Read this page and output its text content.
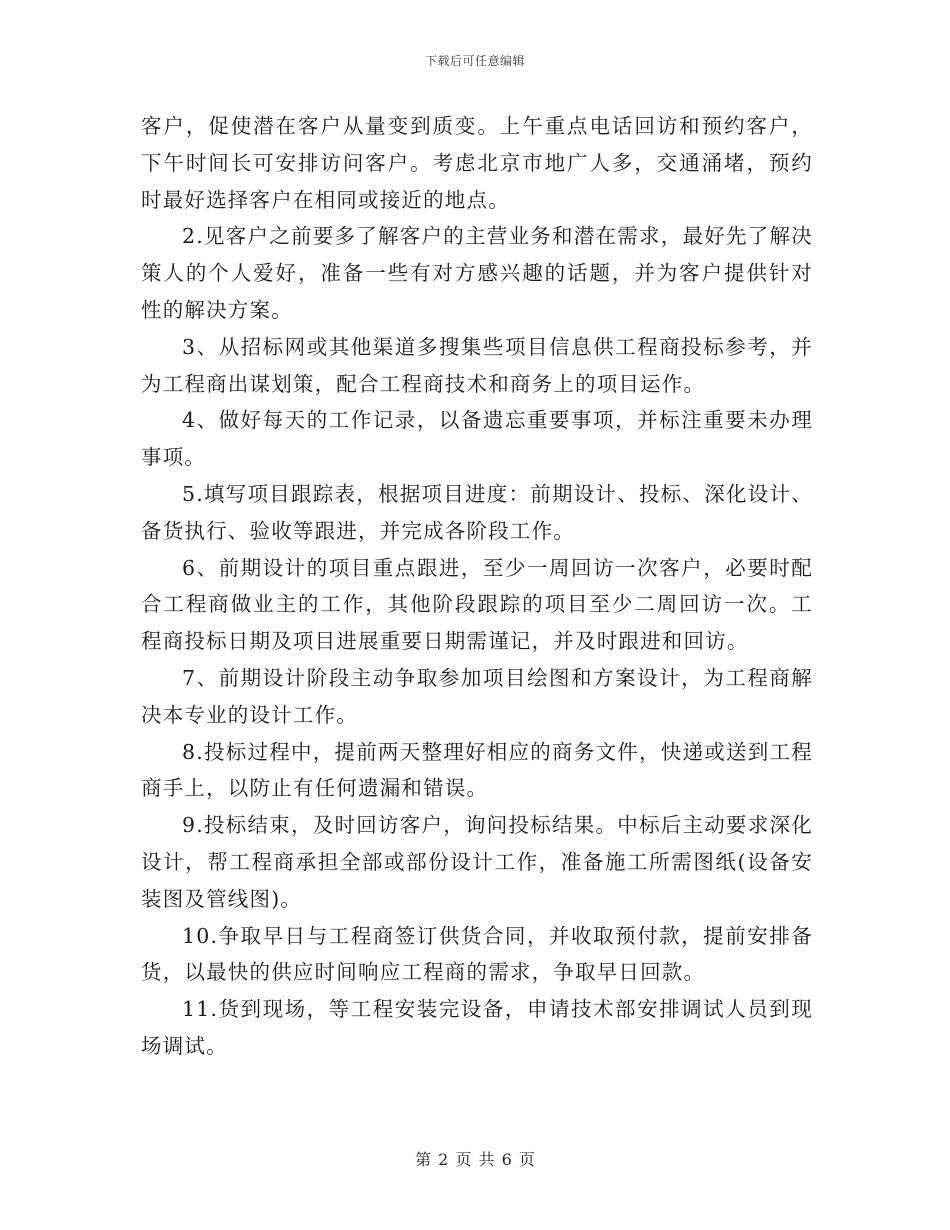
下载后可任意编辑

客户，促使潜在客户从量变到质变。上午重点电话回访和预约客户，下午时间长可安排访问客户。考虑北京市地广人多，交通涌堵，预约时最好选择客户在相同或接近的地点。

2.见客户之前要多了解客户的主营业务和潜在需求，最好先了解决策人的个人爱好，准备一些有对方感兴趣的话题，并为客户提供针对性的解决方案。

3、从招标网或其他渠道多搜集些项目信息供工程商投标参考，并为工程商出谋划策，配合工程商技术和商务上的项目运作。

4、做好每天的工作记录，以备遗忘重要事项，并标注重要未办理事项。

5.填写项目跟踪表，根据项目进度：前期设计、投标、深化设计、备货执行、验收等跟进，并完成各阶段工作。

6、前期设计的项目重点跟进，至少一周回访一次客户，必要时配合工程商做业主的工作，其他阶段跟踪的项目至少二周回访一次。工程商投标日期及项目进展重要日期需谨记，并及时跟进和回访。

7、前期设计阶段主动争取参加项目绘图和方案设计，为工程商解决本专业的设计工作。

8.投标过程中，提前两天整理好相应的商务文件，快递或送到工程商手上，以防止有任何遗漏和错误。

9.投标结束，及时回访客户，询问投标结果。中标后主动要求深化设计，帮工程商承担全部或部份设计工作，准备施工所需图纸(设备安装图及管线图)。

10.争取早日与工程商签订供货合同，并收取预付款，提前安排备货，以最快的供应时间响应工程商的需求，争取早日回款。

11.货到现场，等工程安装完设备，申请技术部安排调试人员到现场调试。

第 2 页 共 6 页
